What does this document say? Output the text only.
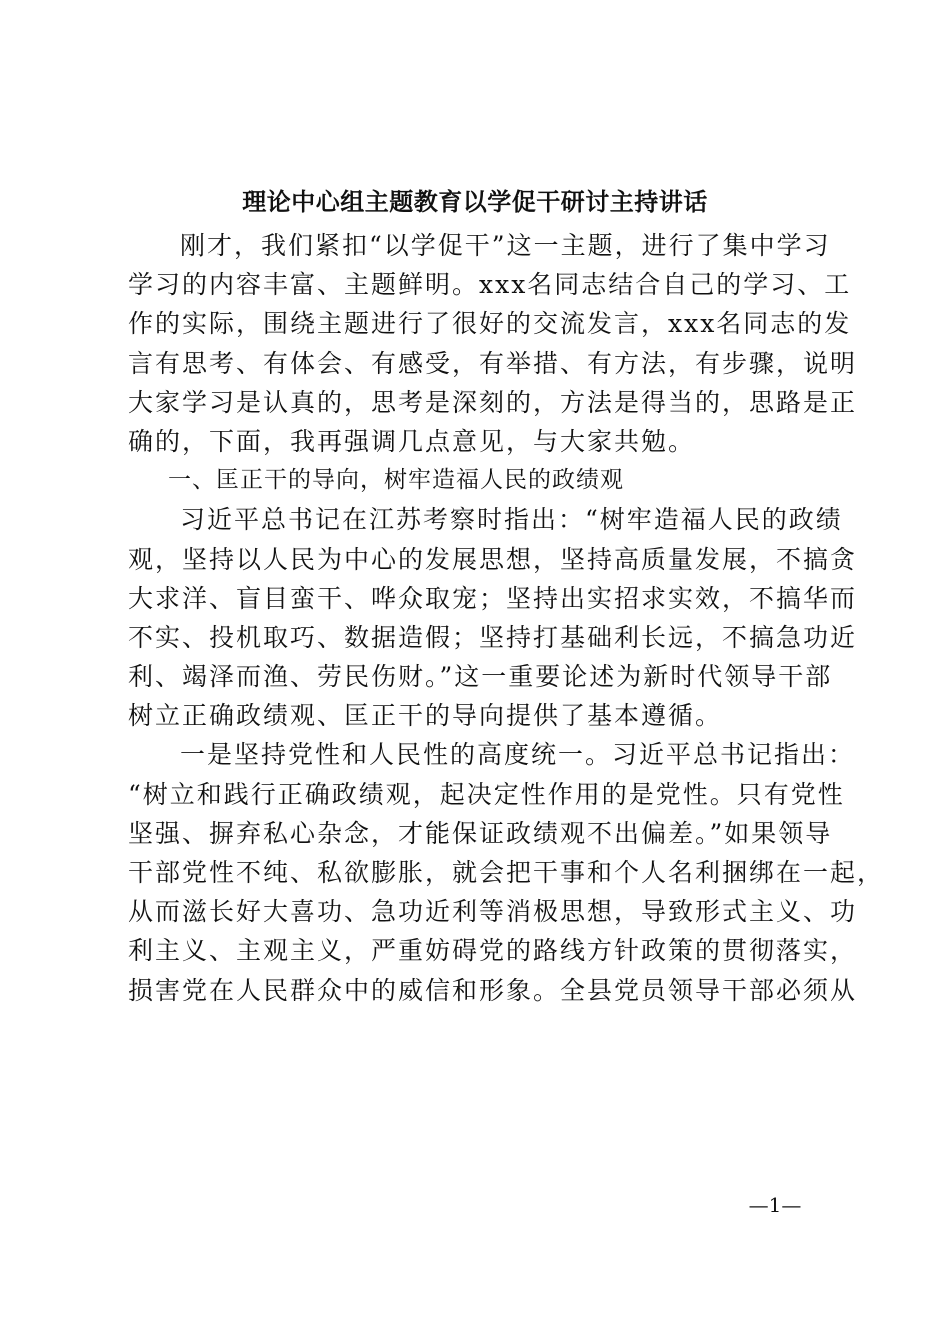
理论中心组主题教育以学促干研讨主持讲话
刚才，我们紧扣“以学促干”这一主题，进行了集中学习
学习的内容丰富、主题鲜明。xxx名同志结合自己的学习、工
作的实际，围绕主题进行了很好的交流发言，xxx名同志的发
言有思考、有体会、有感受，有举措、有方法，有步骤，说明
大家学习是认真的，思考是深刻的，方法是得当的，思路是正
确的，下面，我再强调几点意见，与大家共勉。
一、匡正干的导向，树牢造福人民的政绩观
习近平总书记在江苏考察时指出：“树牢造福人民的政绩
观，坚持以人民为中心的发展思想，坚持高质量发展，不搞贪
大求洋、盲目蛮干、哗众取宠；坚持出实招求实效，不搞华而
不实、投机取巧、数据造假；坚持打基础利长远，不搞急功近
利、竭泽而渔、劳民伤财。”这一重要论述为新时代领导干部
树立正确政绩观、匡正干的导向提供了基本遵循。
一是坚持党性和人民性的高度统一。习近平总书记指出：
“树立和践行正确政绩观，起决定性作用的是党性。只有党性
坚强、摒弃私心杂念，才能保证政绩观不出偏差。”如果领导
干部党性不纯、私欲膨胀，就会把干事和个人名利捆绑在一起，
从而滋长好大喜功、急功近利等消极思想，导致形式主义、功
利主义、主观主义，严重妨碍党的路线方针政策的贯彻落实，
损害党在人民群众中的威信和形象。全县党员领导干部必须从
—1—
